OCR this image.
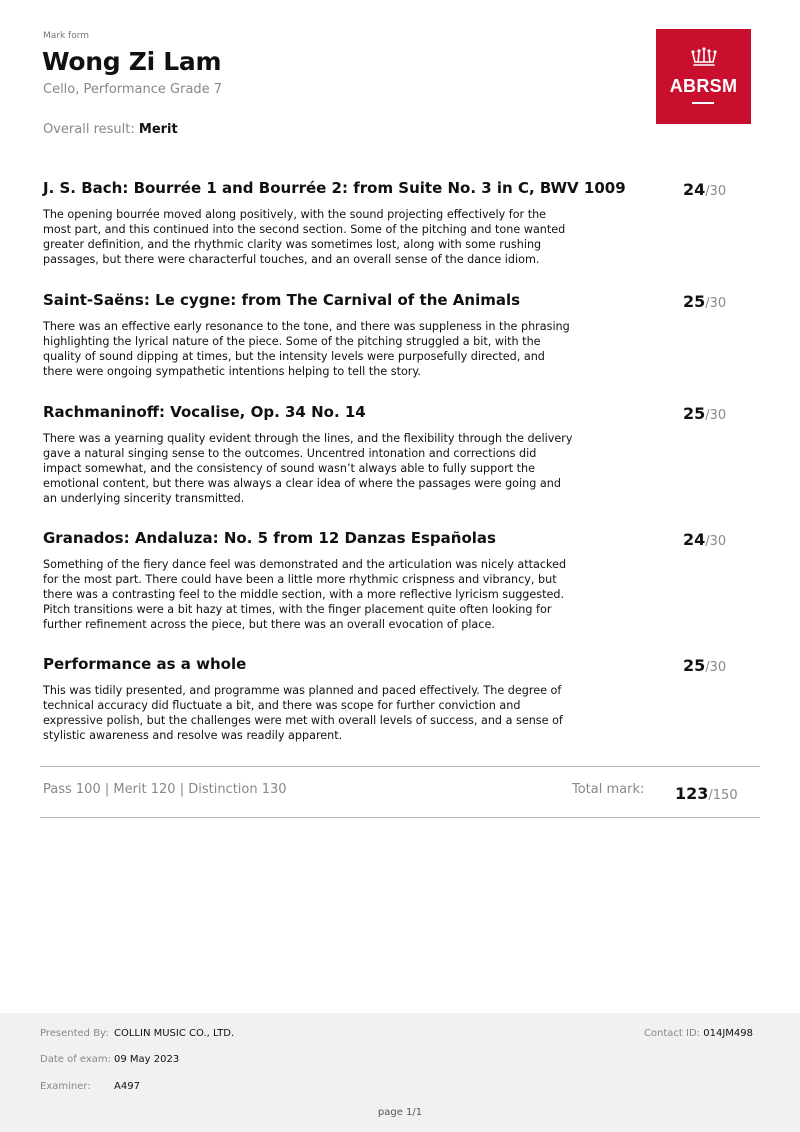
Mark form
Wong Zi Lam
Cello, Performance Grade 7
Overall result: Merit
ABRSM
J. S. Bach: Bourrée 1 and Bourrée 2: from Suite No. 3 in C, BWV 1009	24/30
The opening bourrée moved along positively, with the sound projecting effectively for the most part, and this continued into the second section. Some of the pitching and tone wanted greater definition, and the rhythmic clarity was sometimes lost, along with some rushing passages, but there were characterful touches, and an overall sense of the dance idiom.
Saint-Saëns: Le cygne: from The Carnival of the Animals	25/30
There was an effective early resonance to the tone, and there was suppleness in the phrasing highlighting the lyrical nature of the piece. Some of the pitching struggled a bit, with the quality of sound dipping at times, but the intensity levels were purposefully directed, and there were ongoing sympathetic intentions helping to tell the story.
Rachmaninoff: Vocalise, Op. 34 No. 14	25/30
There was a yearning quality evident through the lines, and the flexibility through the delivery gave a natural singing sense to the outcomes. Uncentred intonation and corrections did impact somewhat, and the consistency of sound wasn’t always able to fully support the emotional content, but there was always a clear idea of where the passages were going and an underlying sincerity transmitted.
Granados: Andaluza: No. 5 from 12 Danzas Españolas	24/30
Something of the fiery dance feel was demonstrated and the articulation was nicely attacked for the most part. There could have been a little more rhythmic crispness and vibrancy, but there was a contrasting feel to the middle section, with a more reflective lyricism suggested. Pitch transitions were a bit hazy at times, with the finger placement quite often looking for further refinement across the piece, but there was an overall evocation of place.
Performance as a whole	25/30
This was tidily presented, and programme was planned and paced effectively. The degree of technical accuracy did fluctuate a bit, and there was scope for further conviction and expressive polish, but the challenges were met with overall levels of success, and a sense of stylistic awareness and resolve was readily apparent.
Pass 100 | Merit 120 | Distinction 130	Total mark: 123/150
Presented By: COLLIN MUSIC CO., LTD.
Date of exam: 09 May 2023
Examiner: A497
Contact ID: 014JM498
page 1/1
